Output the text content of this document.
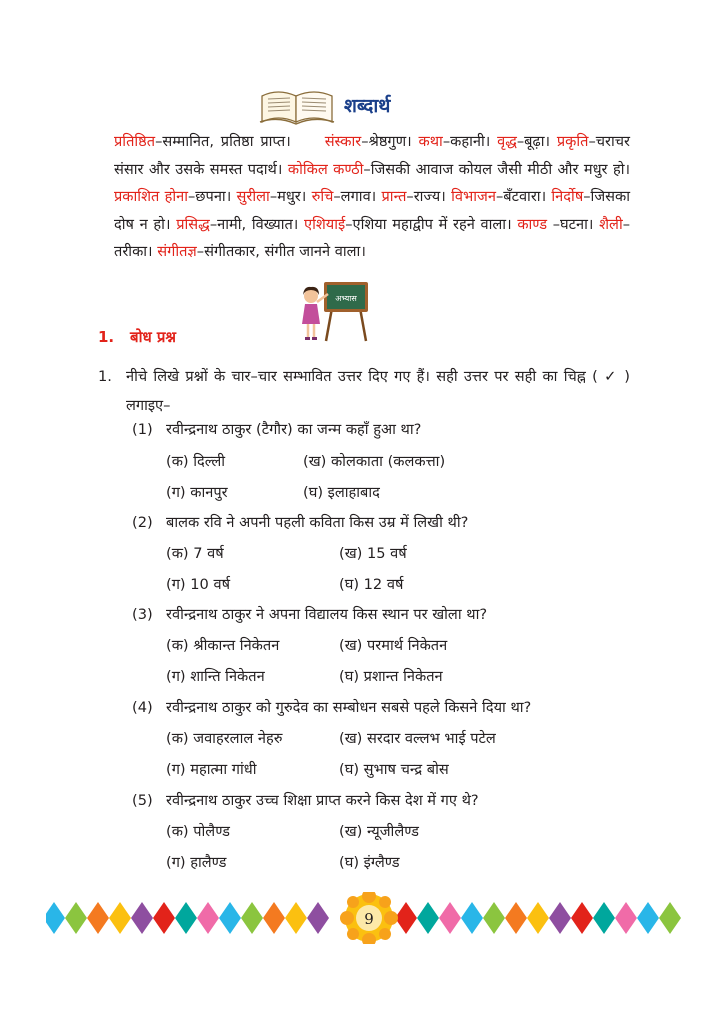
शब्दार्थ
प्रतिष्ठित–सम्मानित, प्रतिष्ठा प्राप्त। संस्कार–श्रेष्ठगुण। कथा–कहानी। वृद्ध–बूढ़ा। प्रकृति–चराचर संसार और उसके समस्त पदार्थ। कोकिल कण्ठी–जिसकी आवाज कोयल जैसी मीठी और मधुर हो। प्रकाशित होना–छपना। सुरीला–मधुर। रुचि–लगाव। प्रान्त–राज्य। विभाजन–बँटवारा। निर्दोष–जिसका दोष न हो। प्रसिद्ध–नामी, विख्यात। एशियाई–एशिया महाद्वीप में रहने वाला। काण्ड –घटना। शैली–तरीका। संगीतज्ञ–संगीतकार, संगीत जानने वाला।
अभ्यास
1. बोध प्रश्न
1. नीचे लिखे प्रश्नों के चार–चार सम्भावित उत्तर दिए गए हैं। सही उत्तर पर सही का चिह्न ( ✓ ) लगाइए–
(1) रवीन्द्रनाथ ठाकुर (टैगौर) का जन्म कहाँ हुआ था?
(क) दिल्ली	(ख) कोलकाता (कलकत्ता)
(ग) कानपुर	(घ) इलाहाबाद
(2) बालक रवि ने अपनी पहली कविता किस उम्र में लिखी थी?
(क) 7 वर्ष	(ख) 15 वर्ष
(ग) 10 वर्ष	(घ) 12 वर्ष
(3) रवीन्द्रनाथ ठाकुर ने अपना विद्यालय किस स्थान पर खोला था?
(क) श्रीकान्त निकेतन	(ख) परमार्थ निकेतन
(ग) शान्ति निकेतन	(घ) प्रशान्त निकेतन
(4) रवीन्द्रनाथ ठाकुर को गुरुदेव का सम्बोधन सबसे पहले किसने दिया था?
(क) जवाहरलाल नेहरु	(ख) सरदार वल्लभ भाई पटेल
(ग) महात्मा गांधी	(घ) सुभाष चन्द्र बोस
(5) रवीन्द्रनाथ ठाकुर उच्च शिक्षा प्राप्त करने किस देश में गए थे?
(क) पोलैण्ड	(ख) न्यूजीलैण्ड
(ग) हालैण्ड	(घ) इंग्लैण्ड
9
